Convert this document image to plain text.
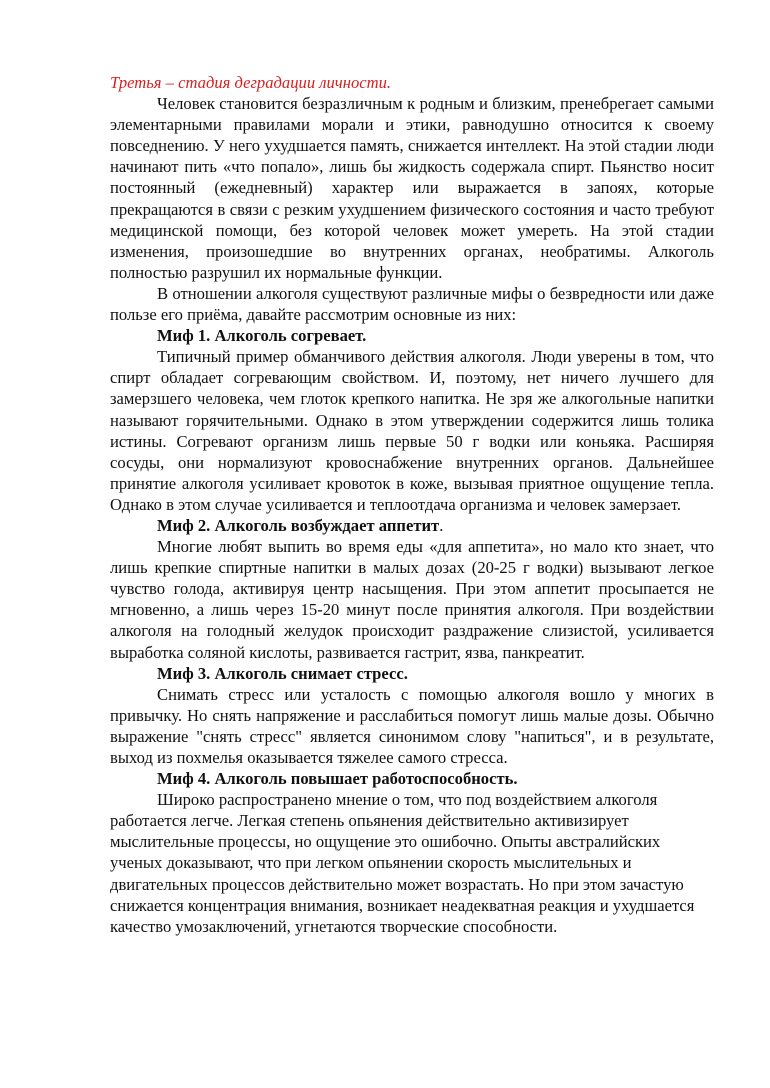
Третья – стадия деградации личности.

Человек становится безразличным к родным и близким, пренебрегает самыми элементарными правилами морали и этики, равнодушно относится к своему повседнению. У него ухудшается память, снижается интеллект. На этой стадии люди начинают пить «что попало», лишь бы жидкость содержала спирт. Пьянство носит постоянный (ежедневный) характер или выражается в запоях, которые прекращаются в связи с резким ухудшением физического состояния и часто требуют медицинской помощи, без которой человек может умереть. На этой стадии изменения, произошедшие во внутренних органах, необратимы. Алкоголь полностью разрушил их нормальные функции.

В отношении алкоголя существуют различные мифы о безвредности или даже пользе его приёма, давайте рассмотрим основные из них:

Миф 1. Алкоголь согревает.

Типичный пример обманчивого действия алкоголя. Люди уверены в том, что спирт обладает согревающим свойством. И, поэтому, нет ничего лучшего для замерзшего человека, чем глоток крепкого напитка. Не зря же алкогольные напитки называют горячительными. Однако в этом утверждении содержится лишь толика истины. Согревают организм лишь первые 50 г водки или коньяка. Расширяя сосуды, они нормализуют кровоснабжение внутренних органов. Дальнейшее принятие алкоголя усиливает кровоток в коже, вызывая приятное ощущение тепла. Однако в этом случае усиливается и теплоотдача организма и человек замерзает.

Миф 2. Алкоголь возбуждает аппетит.

Многие любят выпить во время еды «для аппетита», но мало кто знает, что лишь крепкие спиртные напитки в малых дозах (20-25 г водки) вызывают легкое чувство голода, активируя центр насыщения. При этом аппетит просыпается не мгновенно, а лишь через 15-20 минут после принятия алкоголя. При воздействии алкоголя на голодный желудок происходит раздражение слизистой, усиливается выработка соляной кислоты, развивается гастрит, язва, панкреатит.

Миф 3. Алкоголь снимает стресс.

Снимать стресс или усталость с помощью алкоголя вошло у многих в привычку. Но снять напряжение и расслабиться помогут лишь малые дозы. Обычно выражение "снять стресс" является синонимом слову "напиться", и в результате, выход из похмелья оказывается тяжелее самого стресса.

Миф 4. Алкоголь повышает работоспособность.

Широко распространено мнение о том, что под воздействием алкоголя работается легче. Легкая степень опьянения действительно активизирует мыслительные процессы, но ощущение это ошибочно. Опыты австралийских ученых доказывают, что при легком опьянении скорость мыслительных и двигательных процессов действительно может возрастать. Но при этом зачастую снижается концентрация внимания, возникает неадекватная реакция и ухудшается качество умозаключений, угнетаются творческие способности.
